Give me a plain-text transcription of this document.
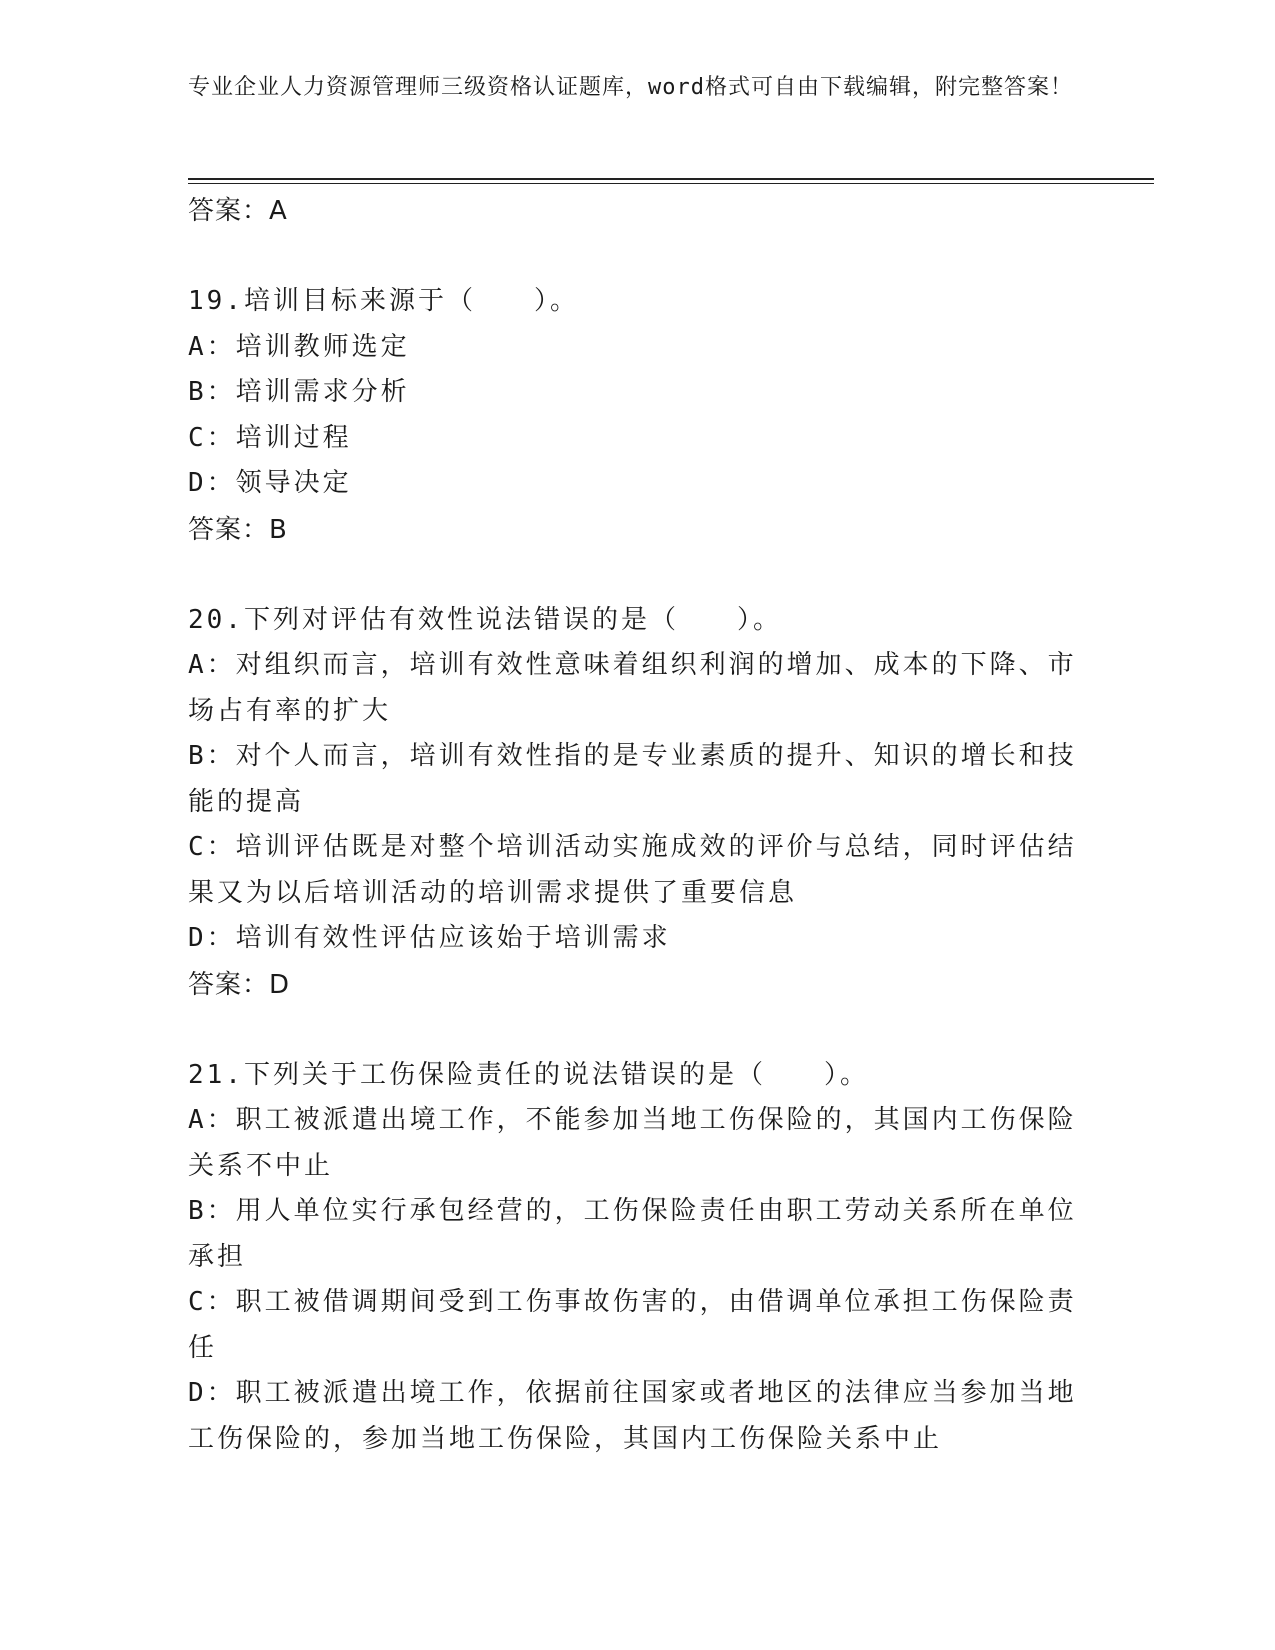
专业企业人力资源管理师三级资格认证题库，word格式可自由下载编辑，附完整答案！
答案：A
19.培训目标来源于（　　）。
A：培训教师选定
B：培训需求分析
C：培训过程
D：领导决定
答案：B
20.下列对评估有效性说法错误的是（　　）。
A：对组织而言，培训有效性意味着组织利润的增加、成本的下降、市场占有率的扩大
B：对个人而言，培训有效性指的是专业素质的提升、知识的增长和技能的提高
C：培训评估既是对整个培训活动实施成效的评价与总结，同时评估结果又为以后培训活动的培训需求提供了重要信息
D：培训有效性评估应该始于培训需求
答案：D
21.下列关于工伤保险责任的说法错误的是（　　）。
A：职工被派遣出境工作，不能参加当地工伤保险的，其国内工伤保险关系不中止
B：用人单位实行承包经营的，工伤保险责任由职工劳动关系所在单位承担
C：职工被借调期间受到工伤事故伤害的，由借调单位承担工伤保险责任
D：职工被派遣出境工作，依据前往国家或者地区的法律应当参加当地工伤保险的，参加当地工伤保险，其国内工伤保险关系中止
